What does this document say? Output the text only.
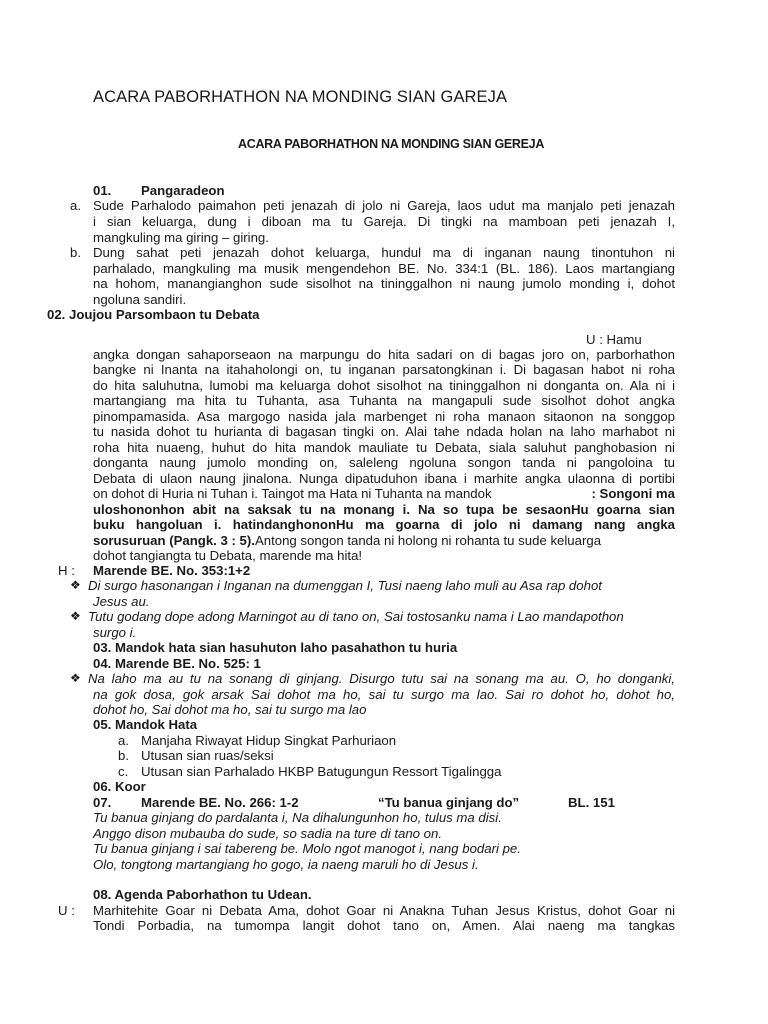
ACARA PABORHATHON NA MONDING SIAN GAREJA
ACARA PABORHATHON NA MONDING SIAN GEREJA
01. Pangaradeon
a. Sude Parhalodo paimahon peti jenazah di jolo ni Gareja, laos udut ma manjalo peti jenazah
i sian keluarga, dung i diboan ma tu Gareja. Di tingki na mamboan peti jenazah I,
mangkuling ma giring – giring.
b. Dung sahat peti jenazah dohot keluarga, hundul ma di inganan naung tinontuhon ni
parhalado, mangkuling ma musik mengendehon BE. No. 334:1 (BL. 186). Laos martangiang
na hohom, manangianghon sude sisolhot na tininggalhon ni naung jumolo monding i, dohot
ngoluna sandiri.
02. Joujou Parsombaon tu Debata
U : Hamu
angka dongan sahaporseaon na marpungu do hita sadari on di bagas joro on, parborhathon
bangke ni Inanta na itahaholongi on, tu inganan parsatongkinan i. Di bagasan habot ni roha
do hita saluhutna, lumobi ma keluarga dohot sisolhot na tininggalhon ni donganta on. Ala ni i
martangiang ma hita tu Tuhanta, asa Tuhanta na mangapuli sude sisolhot dohot angka
pinompamasida. Asa margogo nasida jala marbenget ni roha manaon sitaonon na songgop
tu nasida dohot tu hurianta di bagasan tingki on. Alai tahe ndada holan na laho marhabot ni
roha hita nuaeng, huhut do hita mandok mauliate tu Debata, siala saluhut panghobasion ni
donganta naung jumolo monding on, saleleng ngoluna songon tanda ni pangoloina tu
Debata di ulaon naung jinalona. Nunga dipatuduhon ibana i marhite angka ulaonna di portibi
on dohot di Huria ni Tuhan i. Taingot ma Hata ni Tuhanta na mandok	: Songoni ma
uloshononhon abit na saksak tu na monang i. Na so tupa be sesaonHu goarna sian
buku hangoluan i. hatindanghononHu ma goarna di jolo ni damang nang angka
sorusuruan (Pangk. 3 : 5). Antong songon tanda ni holong ni rohanta tu sude keluarga
dohot tangiangta tu Debata, marende ma hita!
H : Marende BE. No. 353:1+2
❖ Di surgo hasonangan i Inganan na dumenggan I, Tusi naeng laho muli au Asa rap dohot
Jesus au.
❖ Tutu godang dope adong Marningot au di tano on, Sai tostosanku nama i Lao mandapothon
surgo i.
03. Mandok hata sian hasuhuton laho pasahathon tu huria
04. Marende BE. No. 525: 1
❖ Na laho ma au tu na sonang di ginjang. Disurgo tutu sai na sonang ma au. O, ho donganki,
na gok dosa, gok arsak Sai dohot ma ho, sai tu surgo ma lao. Sai ro dohot ho, dohot ho,
dohot ho, Sai dohot ma ho, sai tu surgo ma lao
05. Mandok Hata
a. Manjaha Riwayat Hidup Singkat Parhuriaon
b. Utusan sian ruas/seksi
c. Utusan sian Parhalado HKBP Batugungun Ressort Tigalingga
06. Koor
07. Marende BE. No. 266: 1-2	“Tu banua ginjang do”	BL. 151
Tu banua ginjang do pardalanta i, Na dihalungunhon ho, tulus ma disi.
Anggo dison mubauba do sude, so sadia na ture di tano on.
Tu banua ginjang i sai tabereng be. Molo ngot manogot i, nang bodari pe.
Olo, tongtong martangiang ho gogo, ia naeng maruli ho di Jesus i.
08. Agenda Paborhathon tu Udean.
U : Marhitehite Goar ni Debata Ama, dohot Goar ni Anakna Tuhan Jesus Kristus, dohot Goar ni
Tondi Porbadia, na tumompa langit dohot tano on, Amen. Alai naeng ma tangkas
